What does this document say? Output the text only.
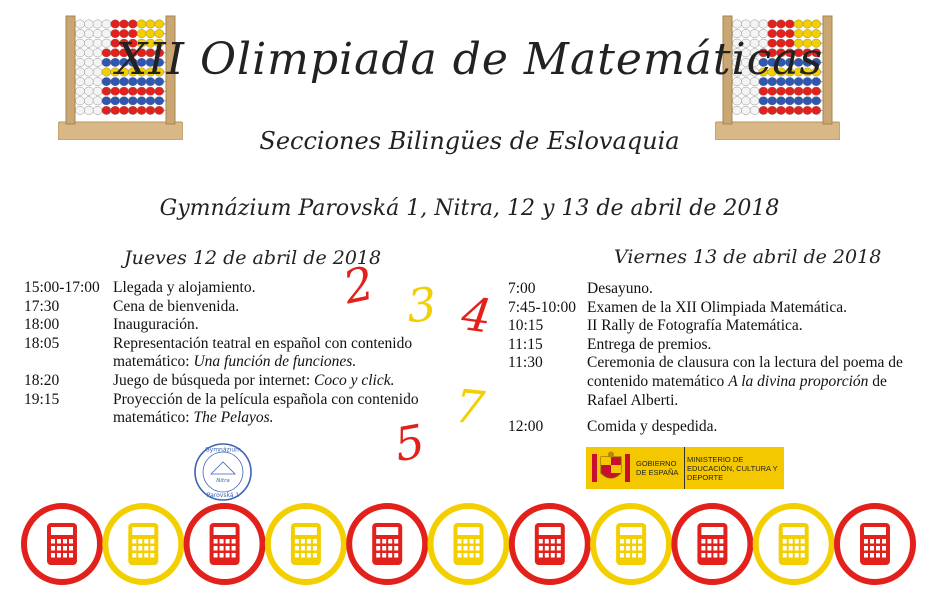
XII Olimpiada de Matemáticas
Secciones Bilingües de Eslovaquia
Gymnázium Parovská 1, Nitra, 12 y 13 de abril de 2018
Jueves 12 de abril de 2018	Viernes 13 de abril de 2018
15:00-17:00 Llegada y alojamiento.
17:30	Cena de bienvenida.
18:00	Inauguración.
18:05	Representación teatral en español con contenido matemático: Una función de funciones.
18:20	Juego de búsqueda por internet: Coco y click.
19:15	Proyección de la película española con contenido matemático: The Pelayos.
7:00	Desayuno.
7:45-10:00 Examen de la XII Olimpiada Matemática.
10:15	II Rally de Fotografía Matemática.
11:15	Entrega de premios.
11:30	Ceremonia de clausura con la lectura del poema de contenido matemático A la divina proporción de Rafael Alberti.
12:00	Comida y despedida.
2 3 4
5
7
Gymnázium
Nitra
Parovská 1
GOBIERNO DE ESPAÑA
MINISTERIO DE EDUCACIÓN, CULTURA Y DEPORTE
